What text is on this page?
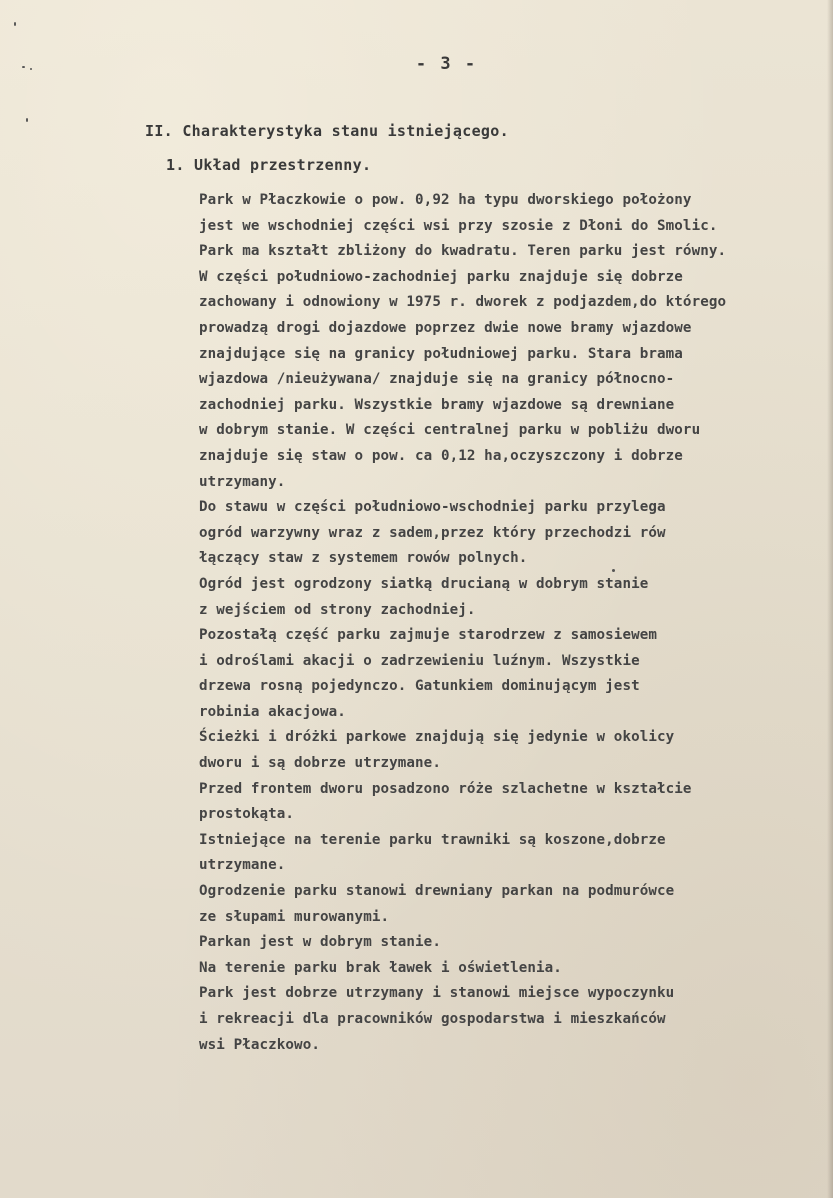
- 3 -
II. Charakterystyka stanu istniejącego.
1. Układ przestrzenny.
Park w Płaczkowie o pow. 0,92 ha typu dworskiego położony
jest we wschodniej części wsi przy szosie z Dłoni do Smolic.
Park ma kształt zbliżony do kwadratu. Teren parku jest równy.
W części południowo-zachodniej parku znajduje się dobrze
zachowany i odnowiony w 1975 r. dworek z podjazdem,do którego
prowadzą drogi dojazdowe poprzez dwie nowe bramy wjazdowe
znajdujące się na granicy południowej parku. Stara brama
wjazdowa /nieużywana/ znajduje się na granicy północno-
zachodniej parku. Wszystkie bramy wjazdowe są drewniane
w dobrym stanie. W części centralnej parku w pobliżu dworu
znajduje się staw o pow. ca 0,12 ha,oczyszczony i dobrze
utrzymany.
Do stawu w części południowo-wschodniej parku przylega
ogród warzywny wraz z sadem,przez który przechodzi rów
łączący staw z systemem rowów polnych.
Ogród jest ogrodzony siatką drucianą w dobrym stanie
z wejściem od strony zachodniej.
Pozostałą część parku zajmuje starodrzew z samosiewem
i odroślami akacji o zadrzewieniu luźnym. Wszystkie
drzewa rosną pojedynczo. Gatunkiem dominującym jest
robinia akacjowa.
Ścieżki i dróżki parkowe znajdują się jedynie w okolicy
dworu i są dobrze utrzymane.
Przed frontem dworu posadzono róże szlachetne w kształcie
prostokąta.
Istniejące na terenie parku trawniki są koszone,dobrze
utrzymane.
Ogrodzenie parku stanowi drewniany parkan na podmurówce
ze słupami murowanymi.
Parkan jest w dobrym stanie.
Na terenie parku brak ławek i oświetlenia.
Park jest dobrze utrzymany i stanowi miejsce wypoczynku
i rekreacji dla pracowników gospodarstwa i mieszkańców
wsi Płaczkowo.
